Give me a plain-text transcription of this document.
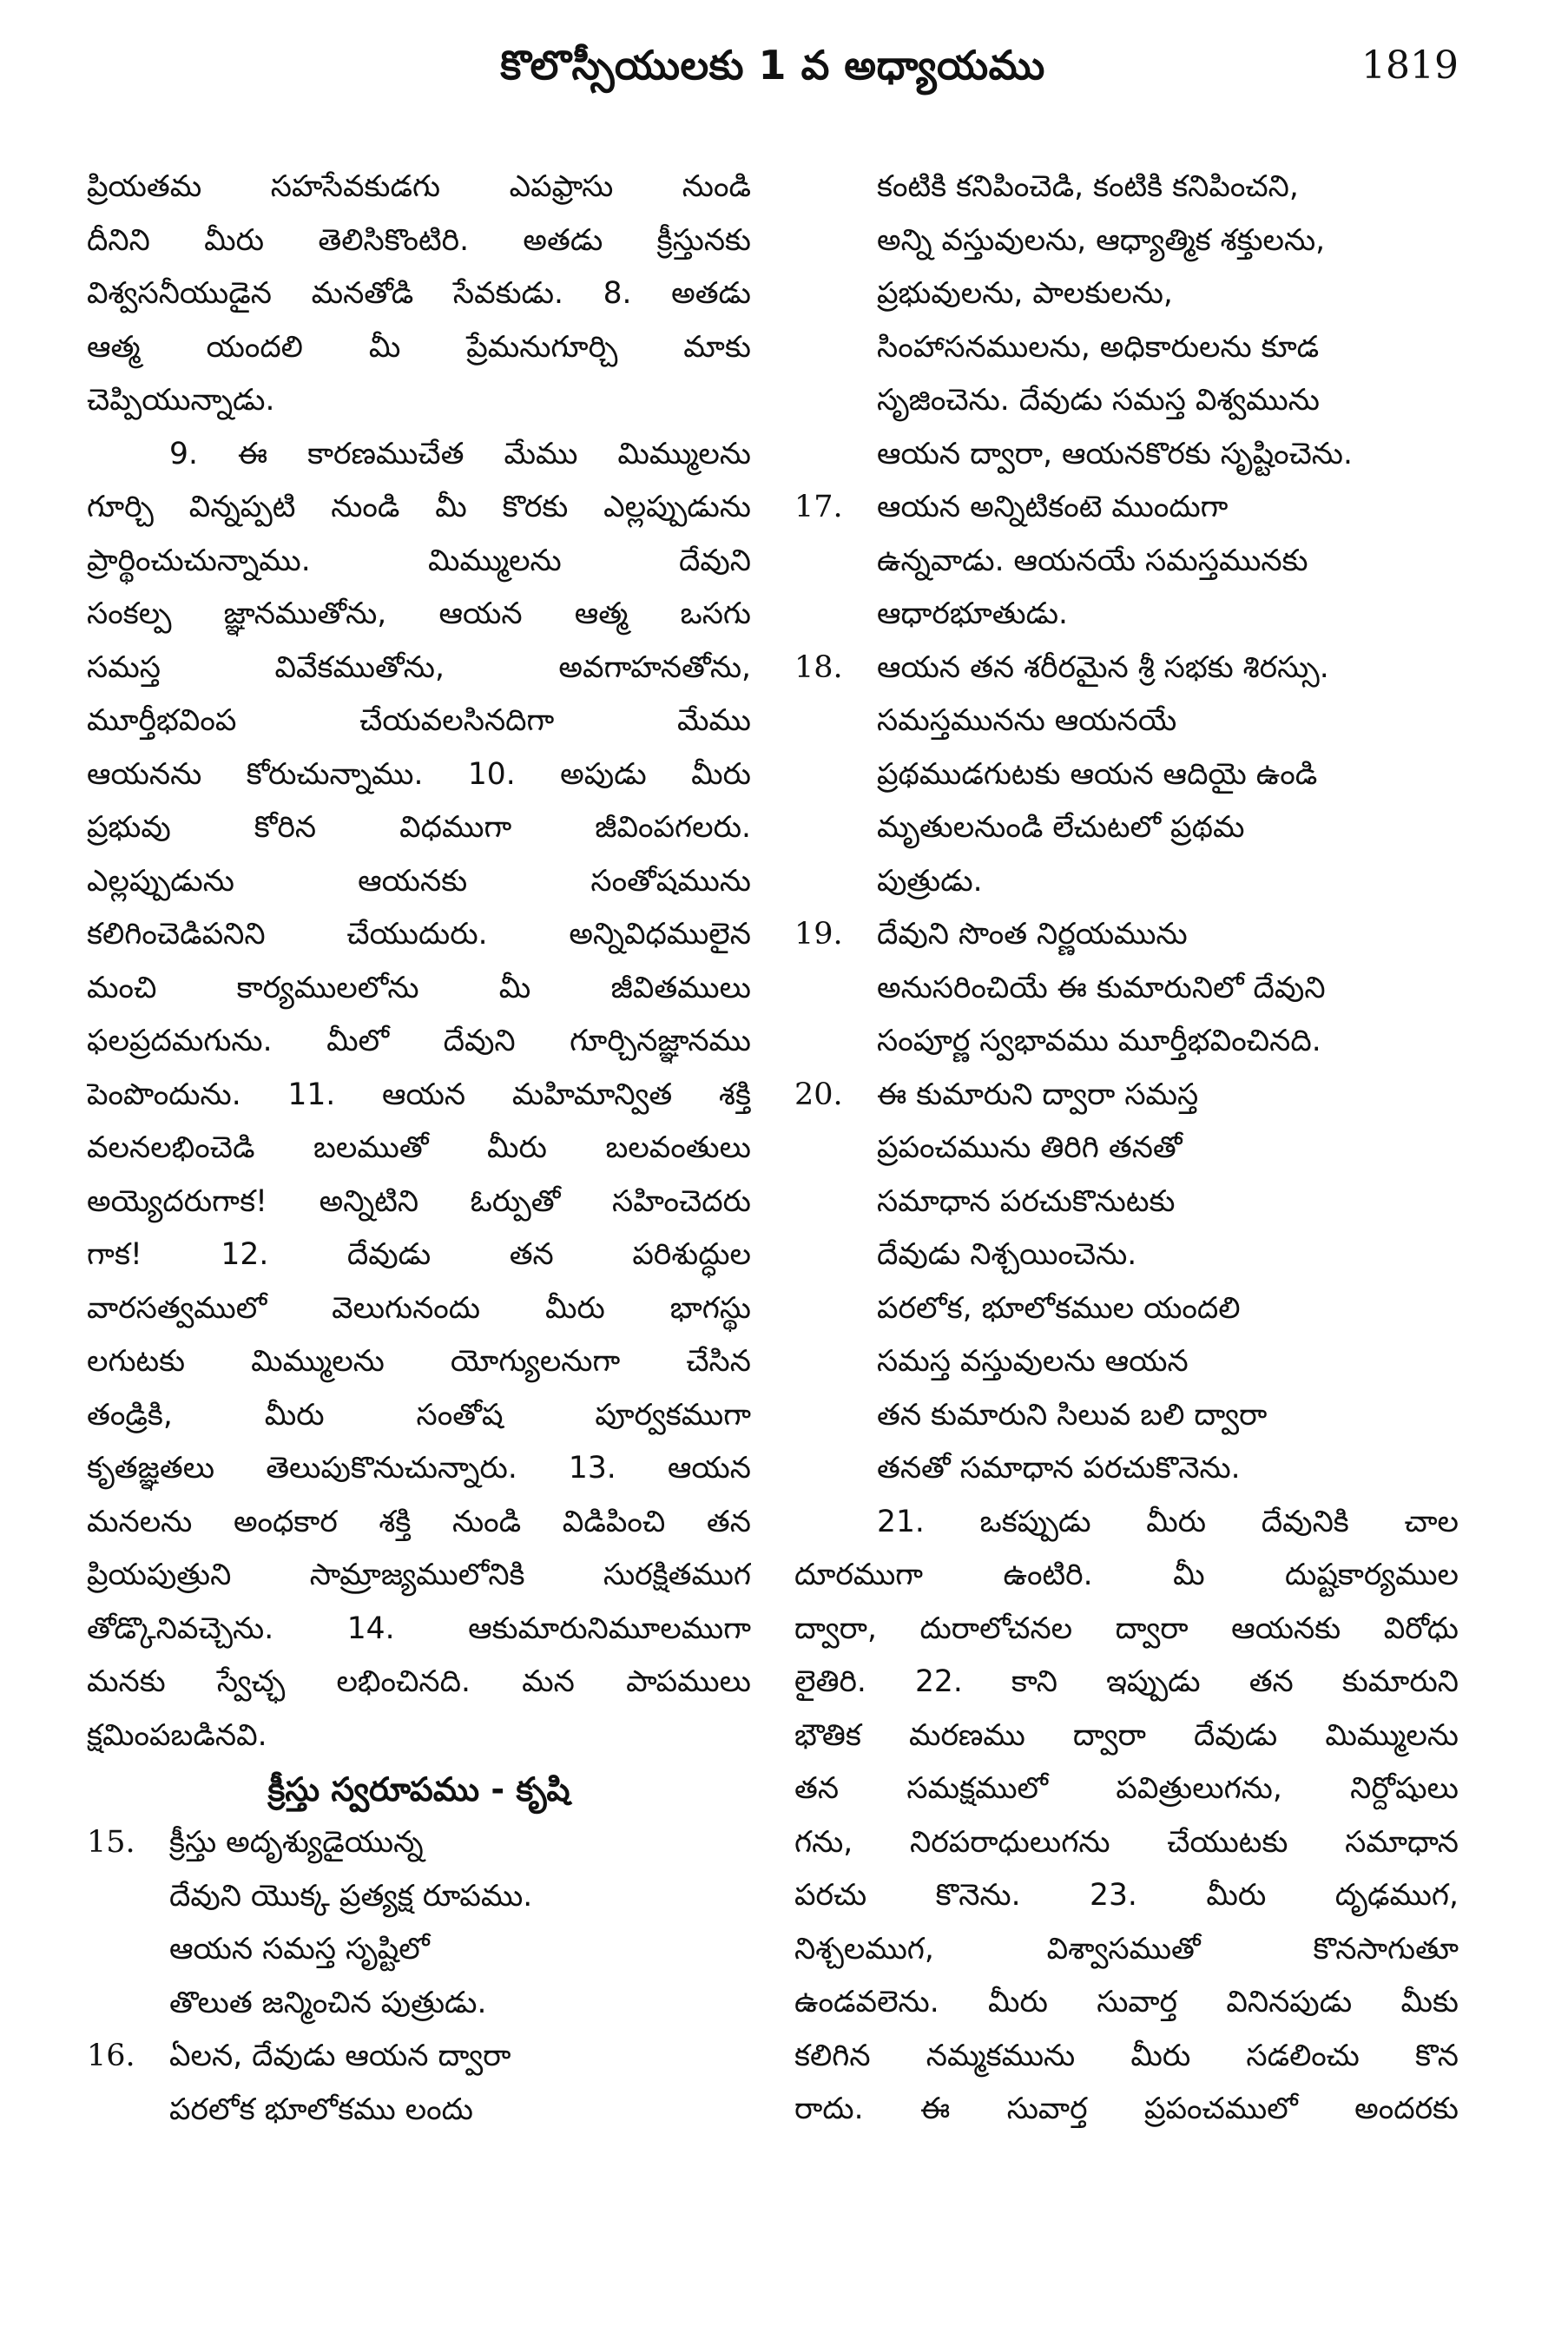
కొలొస్సీయులకు 1 వ అధ్యాయము	1819
ప్రియతమ సహసేవకుడగు ఎపఫ్రాసు నుండి
దీనిని మీరు తెలిసికొంటిరి. అతడు క్రీస్తునకు
విశ్వసనీయుడైన మనతోడి సేవకుడు. 8. అతడు
ఆత్మ యందలి మీ ప్రేమనుగూర్చి మాకు
చెప్పియున్నాడు.
9. ఈ కారణముచేత మేము మిమ్ములను
గూర్చి విన్నప్పటి నుండి మీ కొరకు ఎల్లప్పుడును
ప్రార్థించుచున్నాము. మిమ్ములను దేవుని
సంకల్ప జ్ఞానముతోను, ఆయన ఆత్మ ఒసగు
సమస్త వివేకముతోను, అవగాహనతోను,
మూర్తీభవింప చేయవలసినదిగా మేము
ఆయనను కోరుచున్నాము. 10. అపుడు మీరు
ప్రభువు కోరిన విధముగా జీవింపగలరు.
ఎల్లప్పుడును ఆయనకు సంతోషమును
కలిగించెడిపనిని చేయుదురు. అన్నివిధములైన
మంచి కార్యములలోను మీ జీవితములు
ఫలప్రదమగును. మీలో దేవుని గూర్చినజ్ఞానము
పెంపొందును. 11. ఆయన మహిమాన్విత శక్తి
వలనలభించెడి బలముతో మీరు బలవంతులు
అయ్యెదరుగాక! అన్నిటిని ఓర్పుతో సహించెదరు
గాక! 12. దేవుడు తన పరిశుద్ధుల
వారసత్వములో వెలుగునందు మీరు భాగస్థు
లగుటకు మిమ్ములను యోగ్యులనుగా చేసిన
తండ్రికి, మీరు సంతోష పూర్వకముగా
కృతజ్ఞతలు తెలుపుకొనుచున్నారు. 13. ఆయన
మనలను అంధకార శక్తి నుండి విడిపించి తన
ప్రియపుత్రుని సామ్రాజ్యములోనికి సురక్షితముగ
తోడ్కొనివచ్చెను. 14. ఆకుమారునిమూలముగా
మనకు స్వేచ్ఛ లభించినది. మన పాపములు
క్షమింపబడినవి.
క్రీస్తు స్వరూపము - కృషి
15. క్రీస్తు అదృశ్యుడైయున్న
దేవుని యొక్క ప్రత్యక్ష రూపము.
ఆయన సమస్త సృష్టిలో
తొలుత జన్మించిన పుత్రుడు.
16. ఏలన, దేవుడు ఆయన ద్వారా
పరలోక భూలోకము లందు
కంటికి కనిపించెడి, కంటికి కనిపించని,
అన్ని వస్తువులను, ఆధ్యాత్మిక శక్తులను,
ప్రభువులను, పాలకులను,
సింహాసనములను, అధికారులను కూడ
సృజించెను. దేవుడు సమస్త విశ్వమును
ఆయన ద్వారా, ఆయనకొరకు సృష్టించెను.
17. ఆయన అన్నిటికంటె ముందుగా
ఉన్నవాడు. ఆయనయే సమస్తమునకు
ఆధారభూతుడు.
18. ఆయన తన శరీరమైన శ్రీ సభకు శిరస్సు.
సమస్తమునను ఆయనయే
ప్రథముడగుటకు ఆయన ఆదియై ఉండి
మృతులనుండి లేచుటలో ప్రథమ
పుత్రుడు.
19. దేవుని సొంత నిర్ణయమును
అనుసరించియే ఈ కుమారునిలో దేవుని
సంపూర్ణ స్వభావము మూర్తీభవించినది.
20. ఈ కుమారుని ద్వారా సమస్త
ప్రపంచమును తిరిగి తనతో
సమాధాన పరచుకొనుటకు
దేవుడు నిశ్చయించెను.
పరలోక, భూలోకముల యందలి
సమస్త వస్తువులను ఆయన
తన కుమారుని సిలువ బలి ద్వారా
తనతో సమాధాన పరచుకొనెను.
21. ఒకప్పుడు మీరు దేవునికి చాల
దూరముగా ఉంటిరి. మీ దుష్టకార్యముల
ద్వారా, దురాలోచనల ద్వారా ఆయనకు విరోధు
లైతిరి. 22. కాని ఇప్పుడు తన కుమారుని
భౌతిక మరణము ద్వారా దేవుడు మిమ్ములను
తన సమక్షములో పవిత్రులుగను, నిర్దోషులు
గను, నిరపరాధులుగను చేయుటకు సమాధాన
పరచు కొనెను. 23. మీరు దృఢముగ,
నిశ్చలముగ, విశ్వాసముతో కొనసాగుతూ
ఉండవలెను. మీరు సువార్త వినినపుడు మీకు
కలిగిన నమ్మకమును మీరు సడలించు కొన
రాదు. ఈ సువార్త ప్రపంచములో అందరకు
